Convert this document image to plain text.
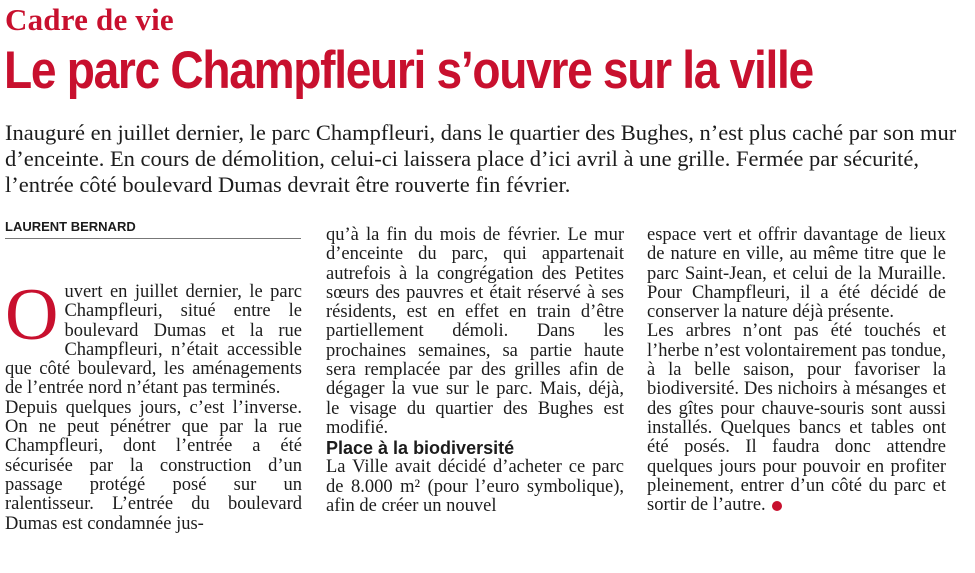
Cadre de vie
Le parc Champfleuri s’ouvre sur la ville
Inauguré en juillet dernier, le parc Champfleuri, dans le quartier des Bughes, n’est plus caché par son mur d’enceinte. En cours de démolition, celui-ci laissera place d’ici avril à une grille. Fermée par sécurité, l’entrée côté boulevard Dumas devrait être rouverte fin février.
LAURENT BERNARD

Ouvert en juillet dernier, le parc Champfleuri, situé entre le boulevard Dumas et la rue Champfleuri, n’était accessible que côté boulevard, les aménagements de l’entrée nord n’étant pas terminés.

Depuis quelques jours, c’est l’inverse. On ne peut pénétrer que par la rue Champfleuri, dont l’entrée a été sécurisée par la construction d’un passage protégé posé sur un ralentisseur. L’entrée du boulevard Dumas est condamnée jus-

qu’à la fin du mois de février. Le mur d’enceinte du parc, qui appartenait autrefois à la congrégation des Petites sœurs des pauvres et était réservé à ses résidents, est en effet en train d’être partiellement démoli. Dans les prochaines semaines, sa partie haute sera remplacée par des grilles afin de dégager la vue sur le parc. Mais, déjà, le visage du quartier des Bughes est modifié.

Place à la biodiversité

La Ville avait décidé d’acheter ce parc de 8.000 m² (pour l’euro symbolique), afin de créer un nouvel

espace vert et offrir davantage de lieux de nature en ville, au même titre que le parc Saint-Jean, et celui de la Muraille. Pour Champfleuri, il a été décidé de conserver la nature déjà présente.

Les arbres n’ont pas été touchés et l’herbe n’est volontairement pas tondue, à la belle saison, pour favoriser la biodiversité. Des nichoirs à mésanges et des gîtes pour chauve-souris sont aussi installés. Quelques bancs et tables ont été posés. Il faudra donc attendre quelques jours pour pouvoir en profiter pleinement, entrer d’un côté du parc et sortir de l’autre.
